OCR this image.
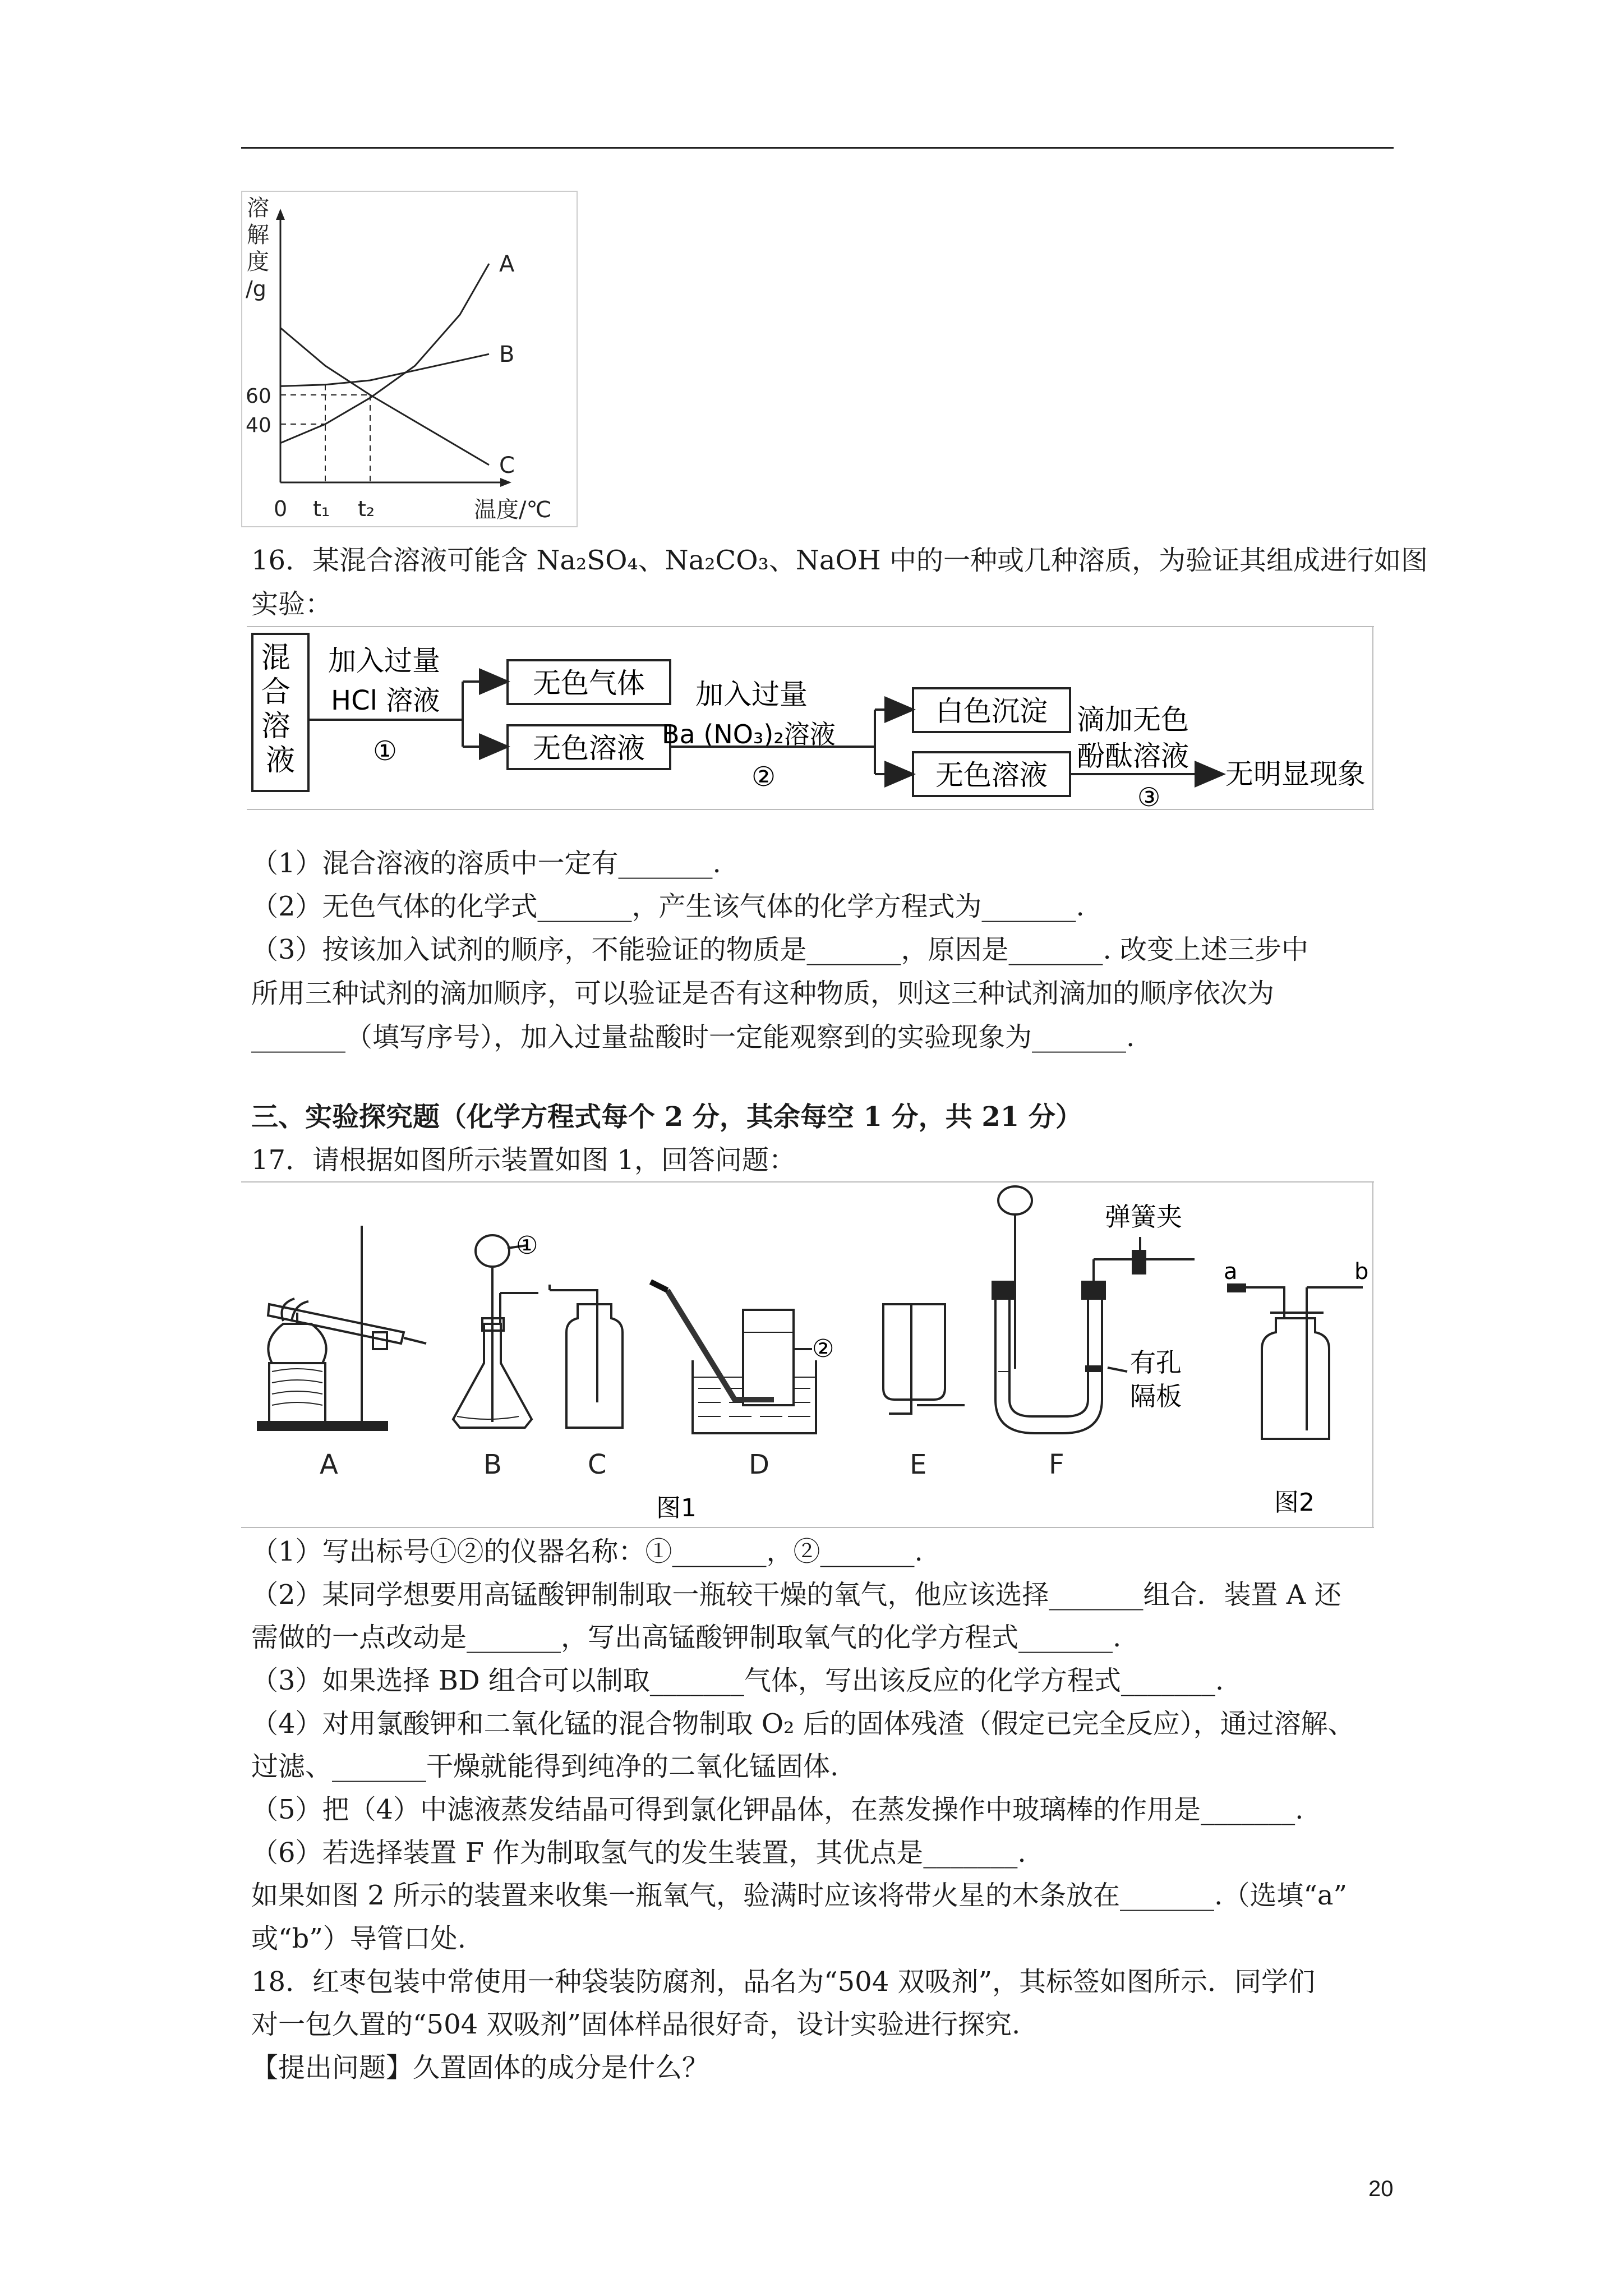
溶
解
度
/g
温度/℃
0 t₁ t₂
40
60
A
B
C
16．某混合溶液可能含 Na₂SO₄、Na₂CO₃、NaOH 中的一种或几种溶质，为验证其组成进行如图
实验：
混 合 溶 液
加入过量
HCl 溶液
①
无色气体
无色溶液
加入过量
Ba (NO₃)₂溶液
②
白色沉淀
无色溶液
滴加无色
酚酞溶液
③
无明显现象
（1）混合溶液的溶质中一定有_______.
（2）无色气体的化学式_______，产生该气体的化学方程式为_______.
（3）按该加入试剂的顺序，不能验证的物质是_______，原因是_______. 改变上述三步中
所用三种试剂的滴加顺序，可以验证是否有这种物质，则这三种试剂滴加的顺序依次为
_______（填写序号），加入过量盐酸时一定能观察到的实验现象为_______.
三、实验探究题（化学方程式每个 2 分，其余每空 1 分，共 21 分）
17．请根据如图所示装置如图 1，回答问题：
A	B	C	D	E	F
①
②
弹簧夹
有孔
隔板
图1	图2
a	b
（1）写出标号①②的仪器名称：①_______，②_______.
（2）某同学想要用高锰酸钾制制取一瓶较干燥的氧气，他应该选择_______组合．装置 A 还
需做的一点改动是_______，写出高锰酸钾制取氧气的化学方程式_______.
（3）如果选择 BD 组合可以制取_______气体，写出该反应的化学方程式_______.
（4）对用氯酸钾和二氧化锰的混合物制取 O₂ 后的固体残渣（假定已完全反应），通过溶解、
过滤、_______干燥就能得到纯净的二氧化锰固体.
（5）把（4）中滤液蒸发结晶可得到氯化钾晶体，在蒸发操作中玻璃棒的作用是_______.
（6）若选择装置 F 作为制取氢气的发生装置，其优点是_______.
如果如图 2 所示的装置来收集一瓶氧气，验满时应该将带火星的木条放在_______.（选填“a”
或“b”）导管口处.
18．红枣包装中常使用一种袋装防腐剂，品名为“504 双吸剂”，其标签如图所示．同学们
对一包久置的“504 双吸剂”固体样品很好奇，设计实验进行探究.
【提出问题】久置固体的成分是什么？
20
